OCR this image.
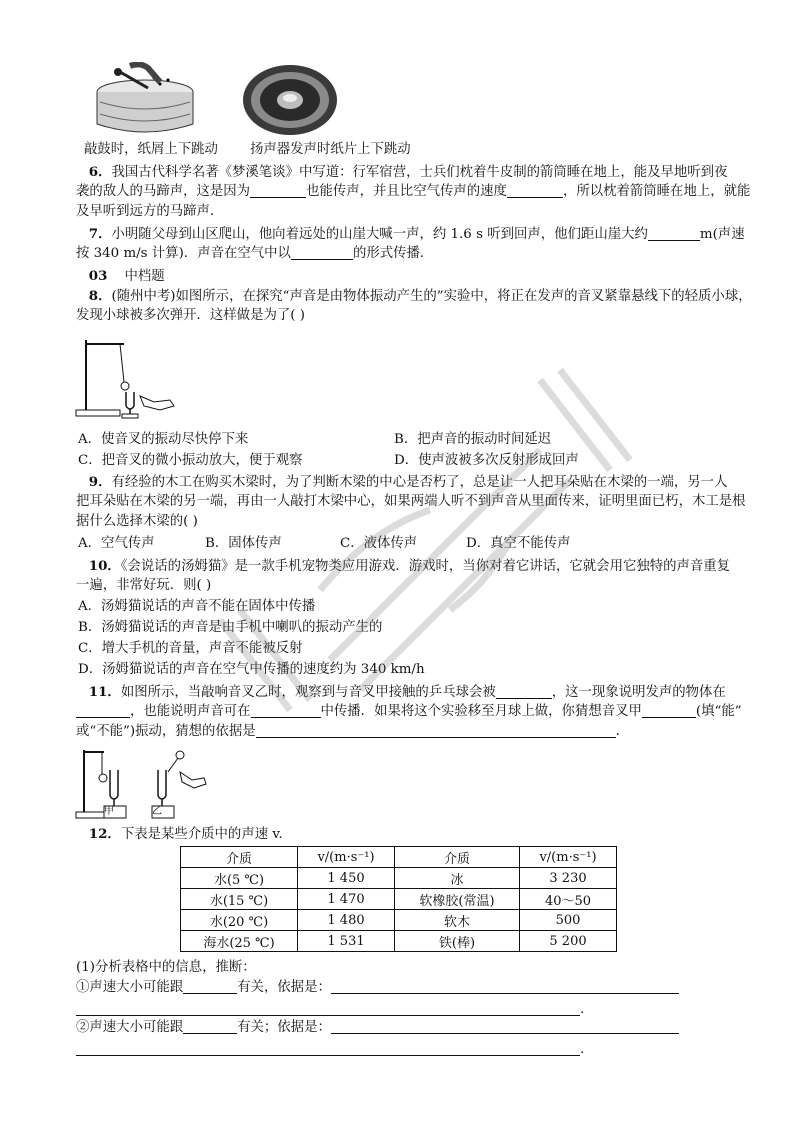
敲鼓时，纸屑上下跳动 扬声器发声时纸片上下跳动
6．我国古代科学名著《梦溪笔谈》中写道：行军宿营，士兵们枕着牛皮制的箭筒睡在地上，能及早地听到夜
袭的敌人的马蹄声，这是因为	也能传声，并且比空气传声的速度	，所以枕着箭筒睡在地上，就能
及早听到远方的马蹄声．
7．小明随父母到山区爬山，他向着远处的山崖大喊一声，约 1.6 s 听到回声，他们距山崖大约	m(声速
按 340 m/s 计算)．声音在空气中以	的形式传播．
03 中档题
8．(随州中考)如图所示，在探究“声音是由物体振动产生的”实验中，将正在发声的音叉紧靠悬线下的轻质小球，
发现小球被多次弹开．这样做是为了( )
A．使音叉的振动尽快停下来	B．把声音的振动时间延迟
C．把音叉的微小振动放大，便于观察	D．使声波被多次反射形成回声
9．有经验的木工在购买木梁时，为了判断木梁的中心是否朽了，总是让一人把耳朵贴在木梁的一端，另一人
把耳朵贴在木梁的另一端，再由一人敲打木梁中心，如果两端人听不到声音从里面传来，证明里面已朽，木工是根
据什么选择木梁的( )
A．空气传声	B．固体传声	C．液体传声	D．真空不能传声
10．《会说话的汤姆猫》是一款手机宠物类应用游戏．游戏时，当你对着它讲话，它就会用它独特的声音重复
一遍，非常好玩．则( )
A．汤姆猫说话的声音不能在固体中传播
B．汤姆猫说话的声音是由手机中喇叭的振动产生的
C．增大手机的音量，声音不能被反射
D．汤姆猫说话的声音在空气中传播的速度约为 340 km/h
11．如图所示，当敲响音叉乙时，观察到与音叉甲接触的乒乓球会被	，这一现象说明发声的物体在
，也能说明声音可在	中传播．如果将这个实验移至月球上做，你猜想音叉甲	(填“能”
或“不能”)振动，猜想的依据是	．
甲	乙
12．下表是某些介质中的声速 v.
介质	v/(m·s⁻¹)	介质	v/(m·s⁻¹)
水(5 ℃)	1 450	冰	3 230
水(15 ℃)	1 470	软橡胶(常温)	40～50
水(20 ℃)	1 480	软木	500
海水(25 ℃)	1 531	铁(棒)	5 200
(1)分析表格中的信息，推断：
①声速大小可能跟	有关，依据是：
.
②声速大小可能跟	有关；依据是：
.
